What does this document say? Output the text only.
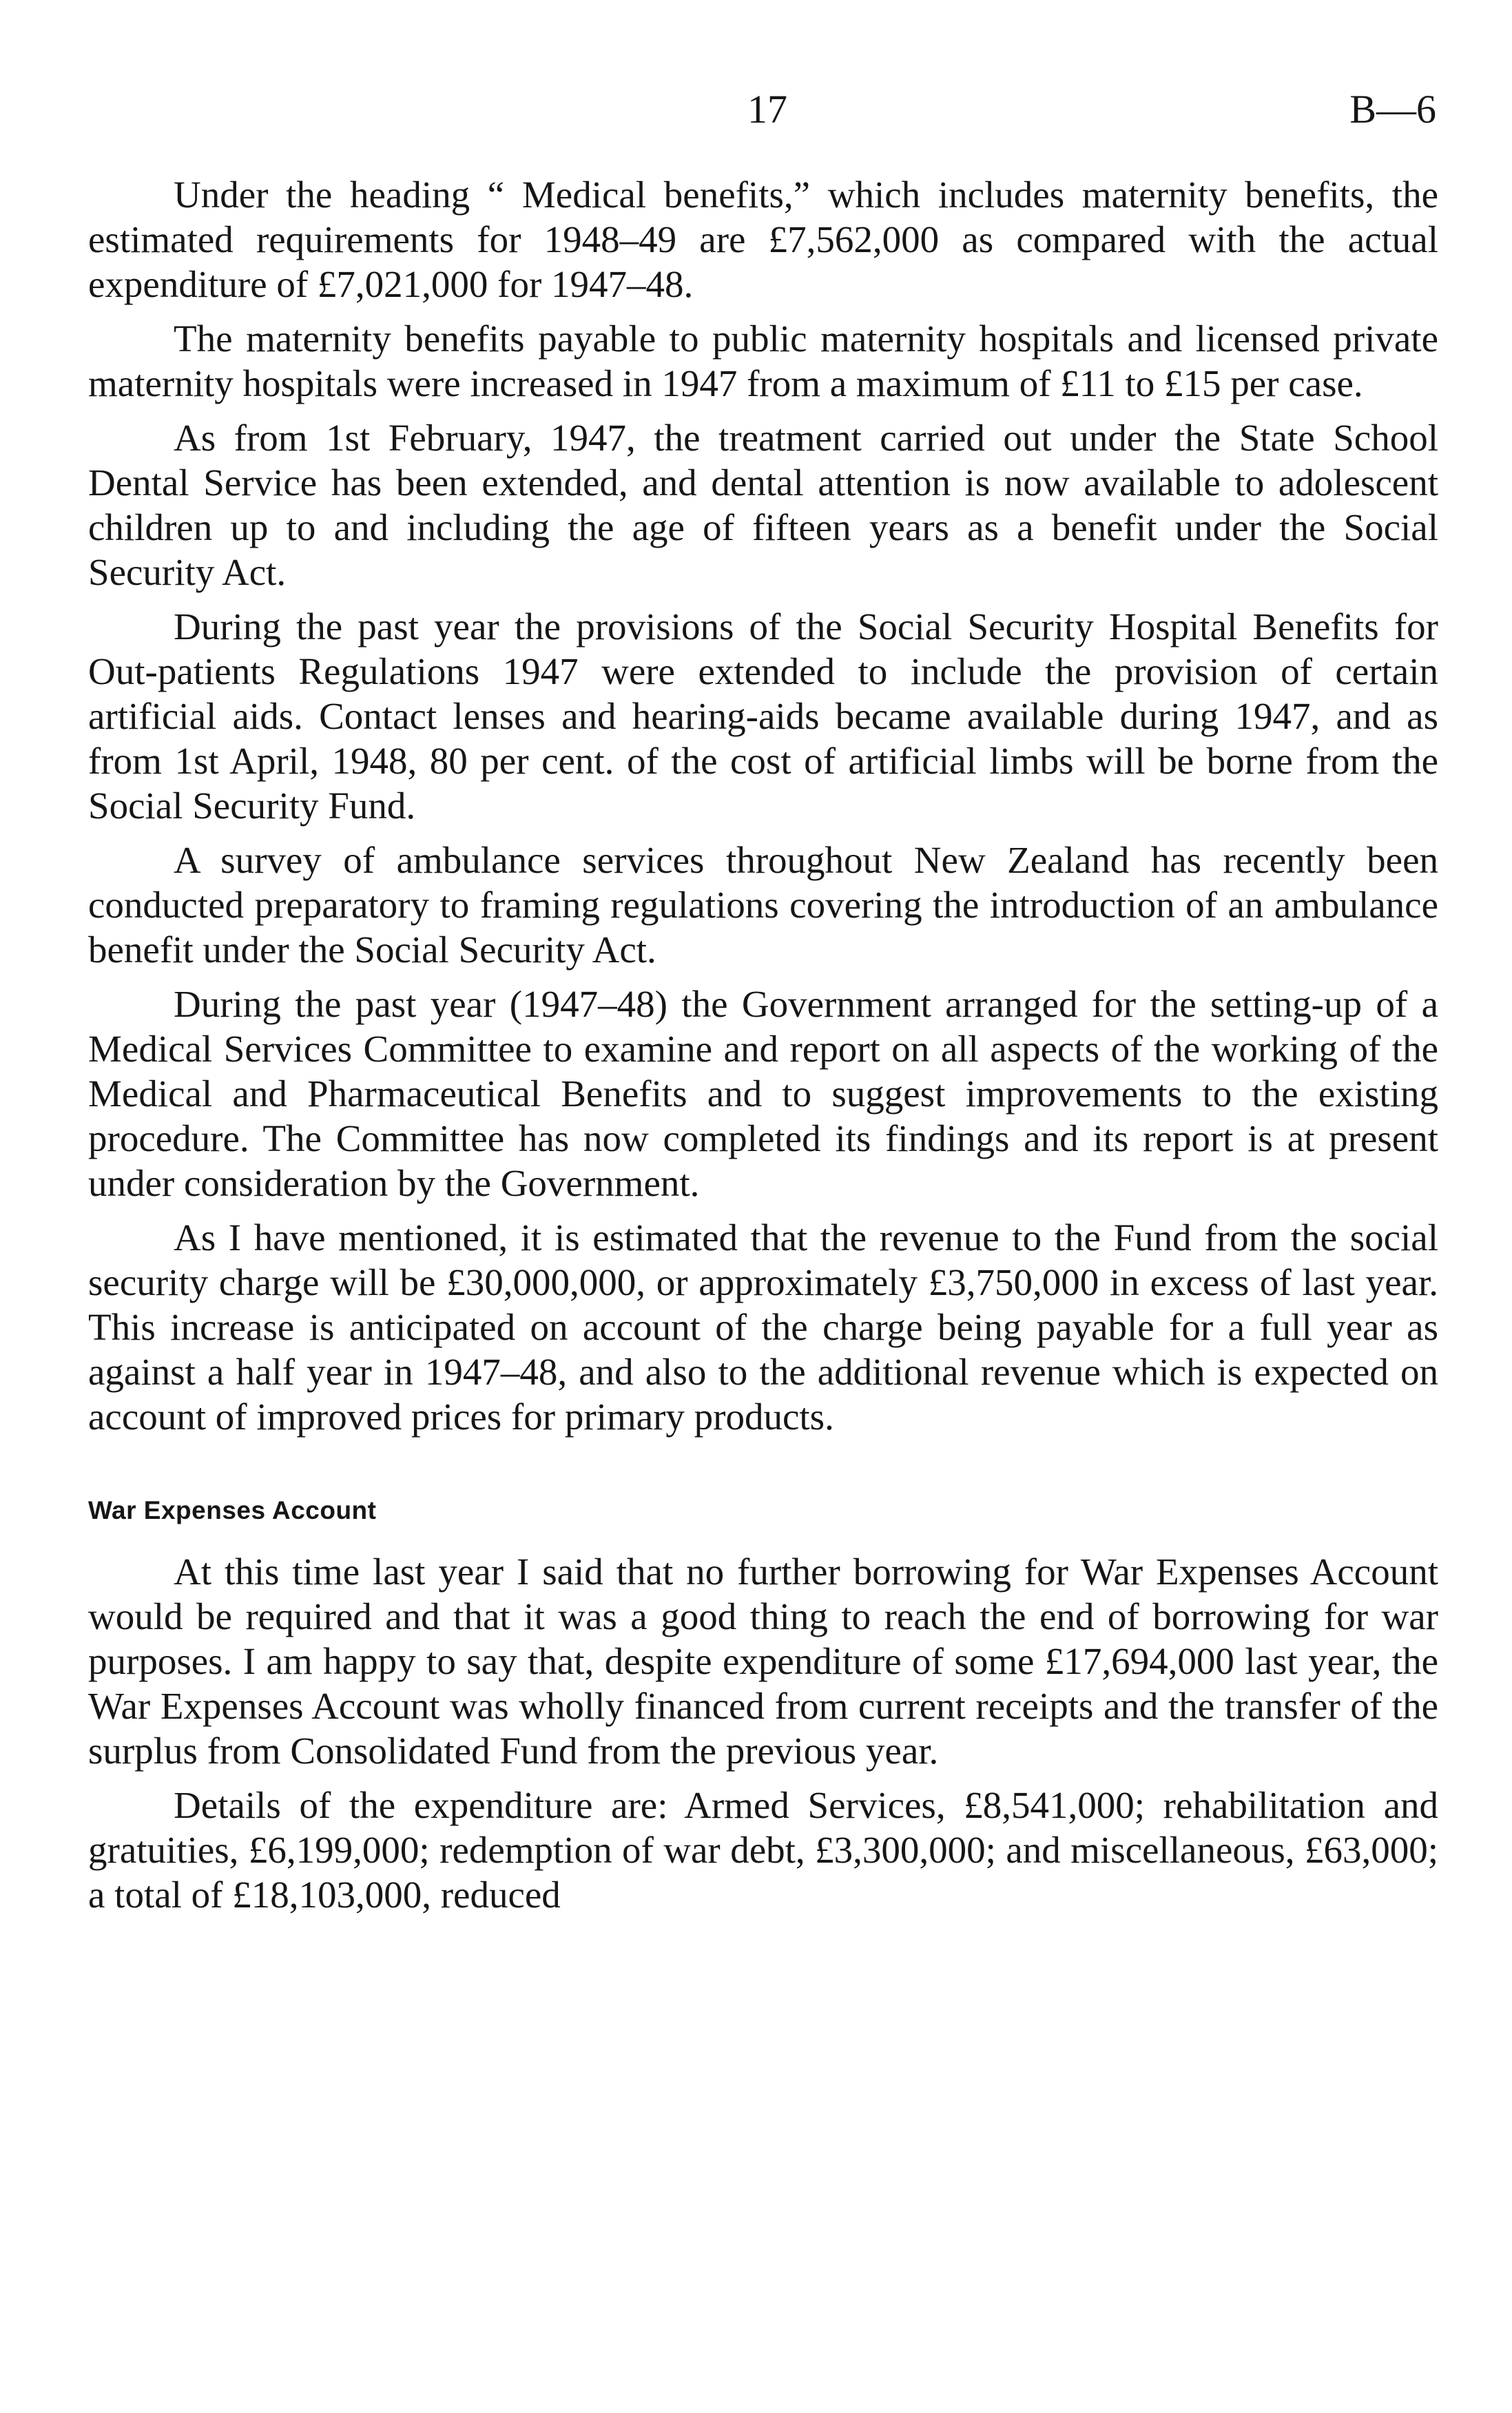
17	B—6

Under the heading “ Medical benefits,” which includes maternity benefits, the estimated requirements for 1948–49 are £7,562,000 as compared with the actual expenditure of £7,021,000 for 1947–48.

The maternity benefits payable to public maternity hospitals and licensed private maternity hospitals were increased in 1947 from a maximum of £11 to £15 per case.

As from 1st February, 1947, the treatment carried out under the State School Dental Service has been extended, and dental attention is now available to adolescent children up to and including the age of fifteen years as a benefit under the Social Security Act.

During the past year the provisions of the Social Security Hospital Benefits for Out-patients Regulations 1947 were extended to include the provision of certain artificial aids. Contact lenses and hearing-aids became available during 1947, and as from 1st April, 1948, 80 per cent. of the cost of artificial limbs will be borne from the Social Security Fund.

A survey of ambulance services throughout New Zealand has recently been conducted preparatory to framing regulations covering the introduction of an ambulance benefit under the Social Security Act.

During the past year (1947–48) the Government arranged for the setting-up of a Medical Services Committee to examine and report on all aspects of the working of the Medical and Pharmaceutical Benefits and to suggest improvements to the existing procedure. The Committee has now completed its findings and its report is at present under consideration by the Government.

As I have mentioned, it is estimated that the revenue to the Fund from the social security charge will be £30,000,000, or approximately £3,750,000 in excess of last year. This increase is anticipated on account of the charge being payable for a full year as against a half year in 1947–48, and also to the additional revenue which is expected on account of improved prices for primary products.

War Expenses Account

At this time last year I said that no further borrowing for War Expenses Account would be required and that it was a good thing to reach the end of borrowing for war purposes. I am happy to say that, despite expenditure of some £17,694,000 last year, the War Expenses Account was wholly financed from current receipts and the transfer of the surplus from Consolidated Fund from the previous year.

Details of the expenditure are: Armed Services, £8,541,000; rehabilitation and gratuities, £6,199,000; redemption of war debt, £3,300,000; and miscellaneous, £63,000; a total of £18,103,000, reduced
